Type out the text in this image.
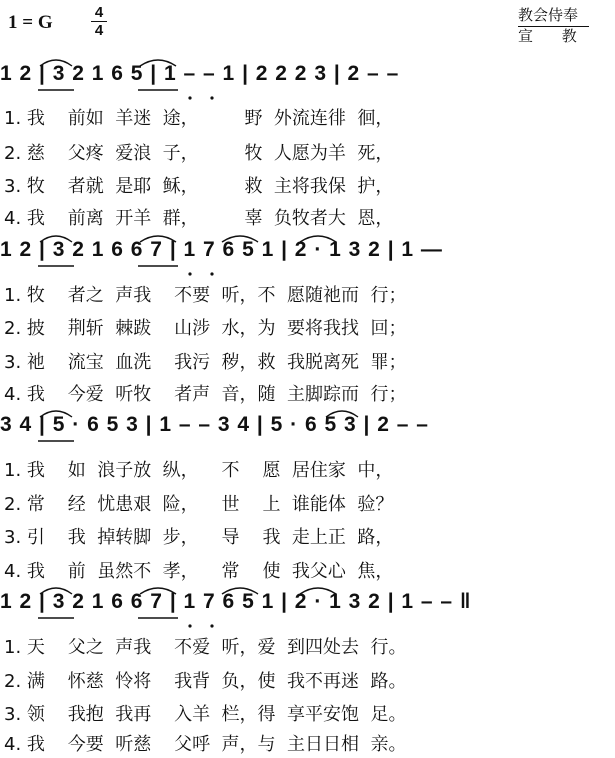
1 = G	4
4
教会侍奉
宣 教
1 2 | 3 2 1 6 5 | 1 – – 1 | 2 2 2 3 | 2 – –
1. 我    前如  羊迷  途，        野  外流连徘  徊，
2. 慈    父疼  爱浪  子，        牧  人愿为羊  死，
3. 牧    者就  是耶  稣，        救  主将我保  护，
4. 我    前离  开羊  群，        辜  负牧者大  恩，
1 2 | 3 2 1 6 6 7 | 1 7 6 5 1 | 2 · 1 3 2 | 1 —
1. 牧    者之  声我    不要  听，不  愿随祂而  行；
2. 披    荆斩  棘跋    山涉  水，为  要将我找  回；
3. 祂    流宝  血洗    我污  秽，救  我脱离死  罪；
4. 我    今爱  听牧    者声  音，随  主脚踪而  行；
3 4 | 5 · 6 5 3 | 1 – – 3 4 | 5 · 6 5 3 | 2 – –
1. 我    如  浪子放  纵，    不    愿  居住家  中，
2. 常    经  忧患艰  险，    世    上  谁能体  验？
3. 引    我  掉转脚  步，    导    我  走上正  路，
4. 我    前  虽然不  孝，    常    使  我父心  焦，
1 2 | 3 2 1 6 6 7 | 1 7 6 5 1 | 2 · 1 3 2 | 1 – – ‖
1. 天    父之  声我    不爱  听，爱  到四处去  行。
2. 满    怀慈  怜将    我背  负，使  我不再迷  路。
3. 领    我抱  我再    入羊  栏，得  享平安饱  足。
4. 我    今要  听慈    父呼  声，与  主日日相  亲。
